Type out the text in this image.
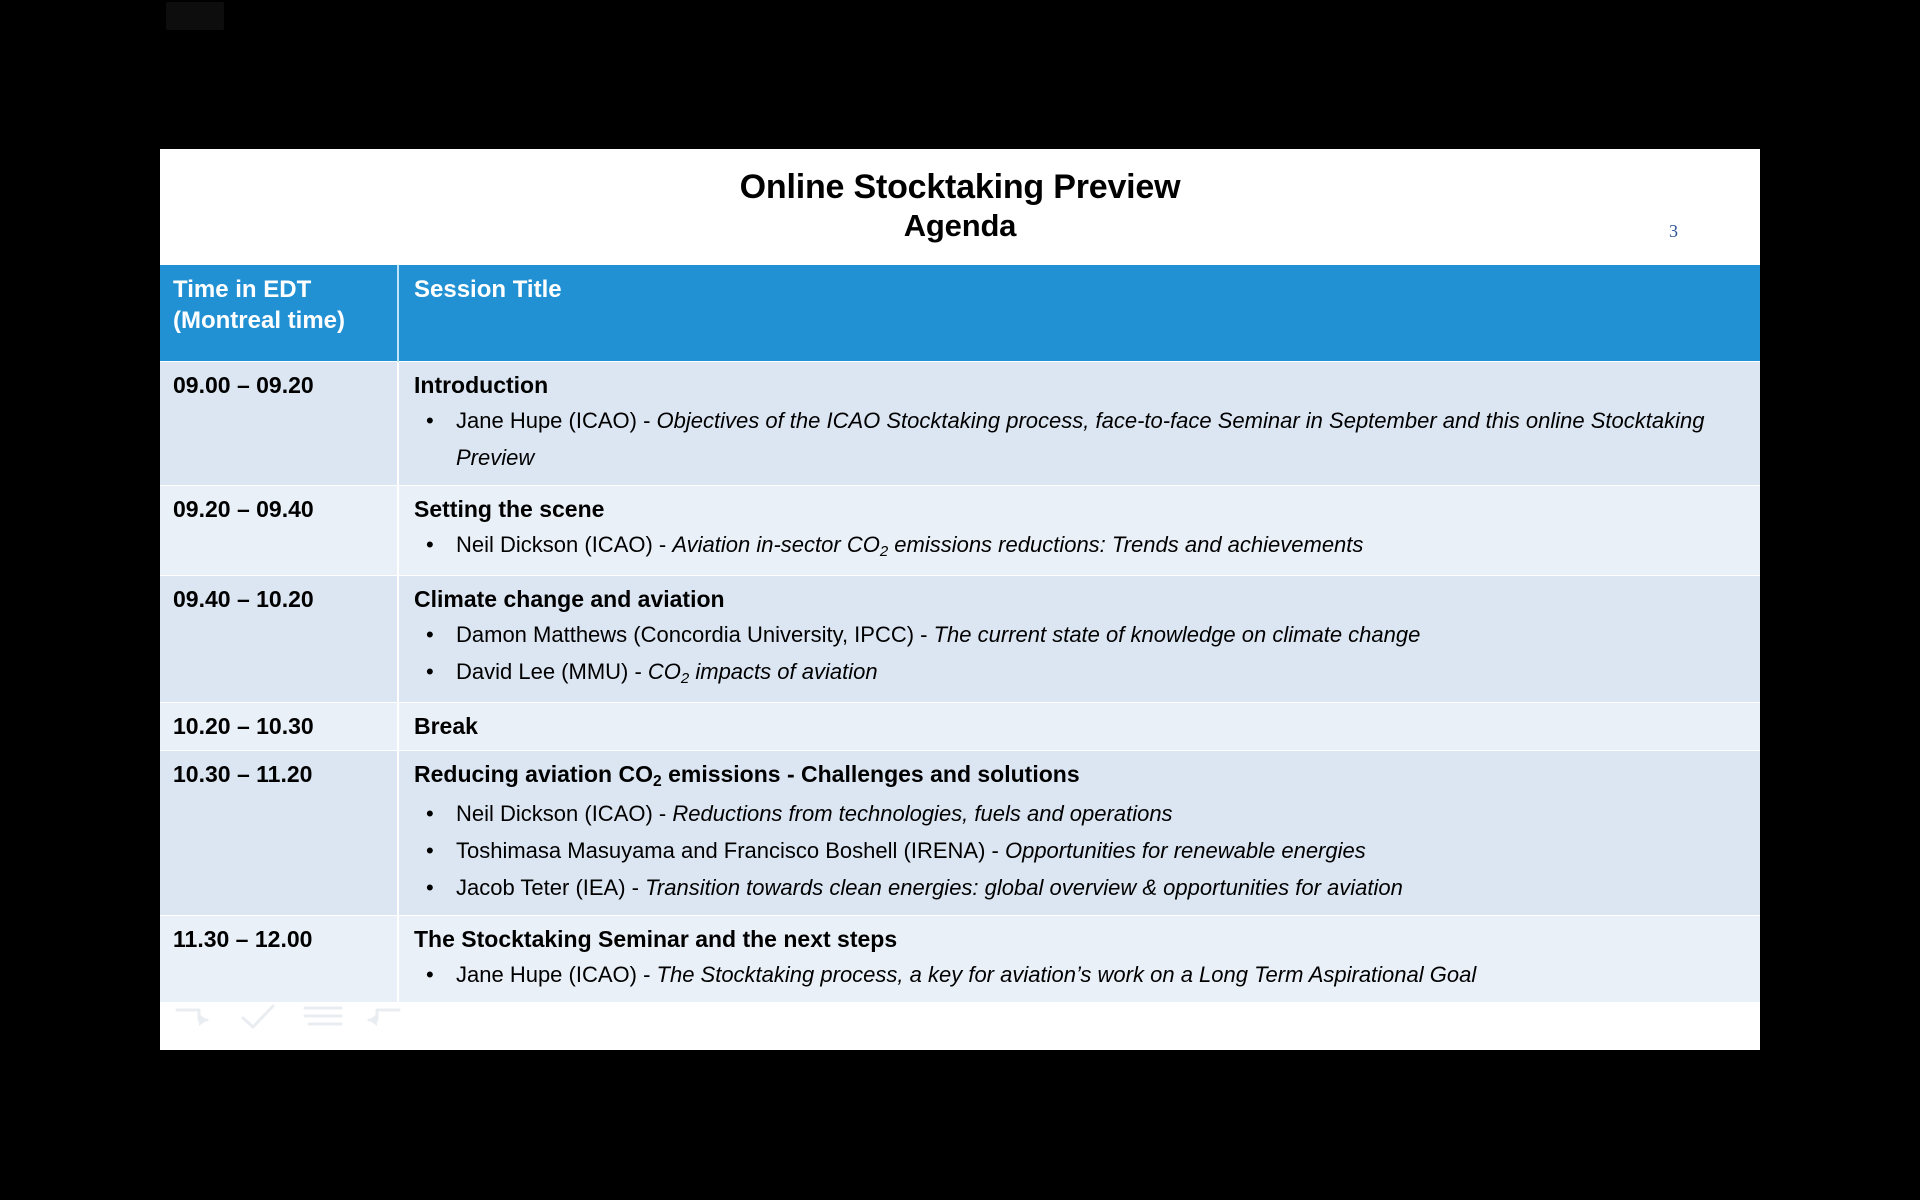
Online Stocktaking Preview
Agenda	3
Time in EDT
(Montreal time)	Session Title

09.00 – 09.20	Introduction
• Jane Hupe (ICAO) - Objectives of the ICAO Stocktaking process, face-to-face Seminar in September and this online Stocktaking Preview

09.20 – 09.40	Setting the scene
• Neil Dickson (ICAO) - Aviation in-sector $CO_2$ emissions reductions: Trends and achievements

09.40 – 10.20	Climate change and aviation
• Damon Matthews (Concordia University, IPCC) - The current state of knowledge on climate change
• David Lee $(MMU) - CO_2$ impacts of aviation

10.20 – 10.30	Break

10.30 – 11.20	Reducing aviation $CO_2$ emissions - Challenges and solutions
• Neil Dickson (ICAO) - Reductions from technologies, fuels and operations
• Toshimasa Masuyama and Francisco Boshell (IRENA) - Opportunities for renewable energies
• Jacob Teter (IEA) - Transition towards clean energies: global overview & opportunities for aviation

11.30 – 12.00	The Stocktaking Seminar and the next steps
• Jane Hupe (ICAO) - The Stocktaking process, a key for aviation’s work on a Long Term Aspirational Goal
